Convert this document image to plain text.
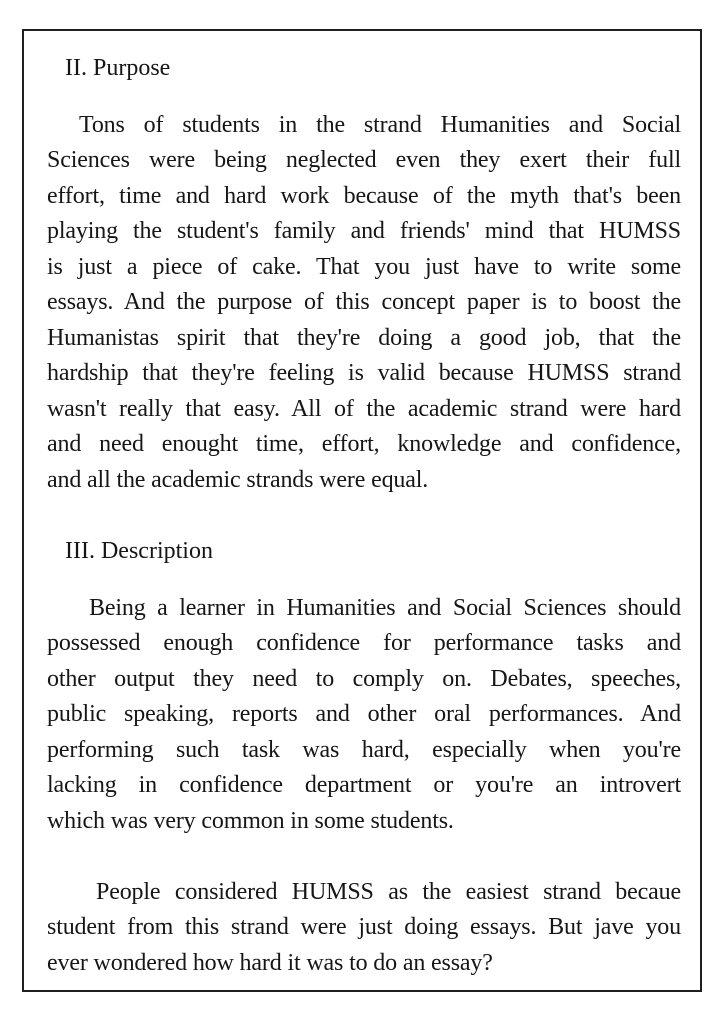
II. Purpose
Tons of students in the strand Humanities and Social
Sciences were being neglected even they exert their full
effort, time and hard work because of the myth that's been
playing the student's family and friends' mind that HUMSS
is just a piece of cake. That you just have to write some
essays. And the purpose of this concept paper is to boost the
Humanistas spirit that they're doing a good job, that the
hardship that they're feeling is valid because HUMSS strand
wasn't really that easy. All of the academic strand were hard
and need enought time, effort, knowledge and confidence,
and all the academic strands were equal.
III. Description
Being a learner in Humanities and Social Sciences should
possessed enough confidence for performance tasks and
other output they need to comply on. Debates, speeches,
public speaking, reports and other oral performances. And
performing such task was hard, especially when you're
lacking in confidence department or you're an introvert
which was very common in some students.
People considered HUMSS as the easiest strand becaue
student from this strand were just doing essays. But jave you
ever wondered how hard it was to do an essay?
